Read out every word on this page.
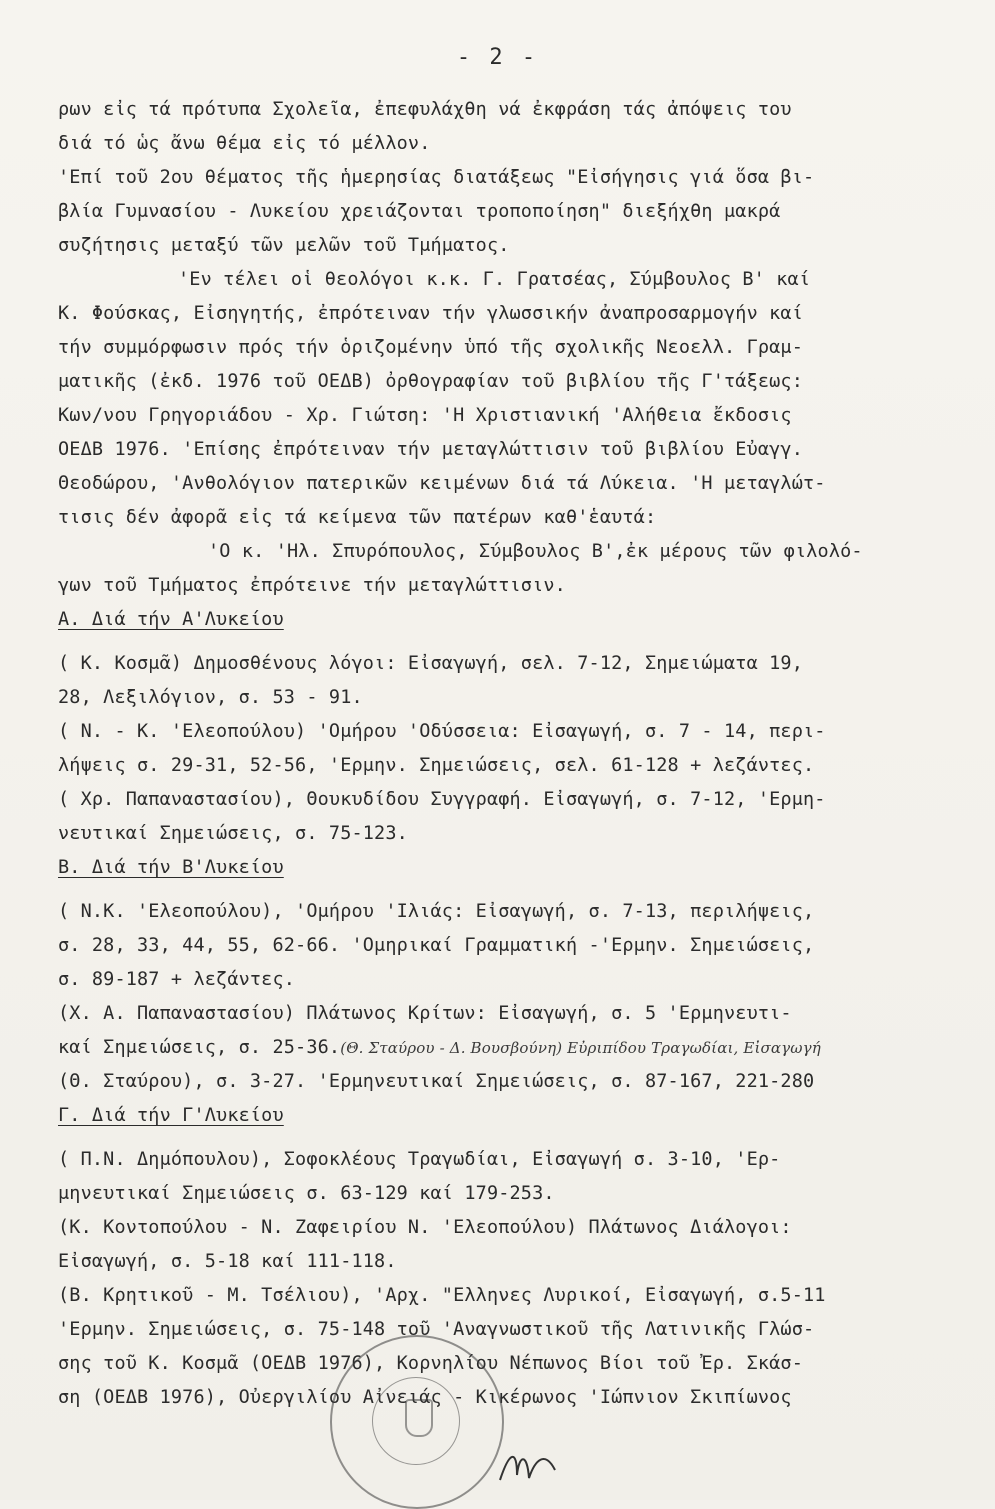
- 2 -
ρων εἰς τά πρότυπα Σχολεῖα, ἐπεφυλάχθη νά ἐκφράση τάς ἀπόψεις του
διά τό ὡς ἄνω θέμα εἰς τό μέλλον.
'Επί τοῦ 2ου θέματος τῆς ἡμερησίας διατάξεως "Εἰσήγησις γιά ὅσα βι-
βλία Γυμνασίου - Λυκείου χρειάζονται τροποποίηση" διεξήχθη μακρά
συζήτησις μεταξύ τῶν μελῶν τοῦ Τμήματος.
'Εν τέλει οἱ θεολόγοι κ.κ. Γ. Γρατσέας, Σύμβουλος Β' καί
Κ. Φούσκας, Εἰσηγητής, ἐπρότειναν τήν γλωσσικήν ἀναπροσαρμογήν καί
τήν συμμόρφωσιν πρός τήν ὁριζομένην ὑπό τῆς σχολικῆς Νεοελλ. Γραμ-
ματικῆς (ἐκδ. 1976 τοῦ ΟΕΔΒ) ὀρθογραφίαν τοῦ βιβλίου τῆς Γ'τάξεως:
Κων/νου Γρηγοριάδου - Χρ. Γιώτση: 'Η Χριστιανική 'Αλήθεια ἔκδοσις
ΟΕΔΒ 1976. 'Επίσης ἐπρότειναν τήν μεταγλώττισιν τοῦ βιβλίου Εὐαγγ.
Θεοδώρου, 'Ανθολόγιον πατερικῶν κειμένων διά τά Λύκεια. 'Η μεταγλώτ-
τισις δέν ἀφορᾶ εἰς τά κείμενα τῶν πατέρων καθ'ἑαυτά:
'Ο κ. 'Ηλ. Σπυρόπουλος, Σύμβουλος Β',ἐκ μέρους τῶν φιλολό-
γων τοῦ Τμήματος ἐπρότεινε τήν μεταγλώττισιν.
Α. Διά τήν Α'Λυκείου
( Κ. Κοσμᾶ) Δημοσθένους λόγοι: Εἰσαγωγή, σελ. 7-12, Σημειώματα 19,
28, Λεξιλόγιον, σ. 53 - 91.
( Ν. - Κ. 'Ελεοπούλου) 'Ομήρου 'Οδύσσεια: Εἰσαγωγή, σ. 7 - 14, περι-
λήψεις σ. 29-31, 52-56, 'Ερμην. Σημειώσεις, σελ. 61-128 + λεζάντες.
( Χρ. Παπαναστασίου), Θουκυδίδου Συγγραφή. Εἰσαγωγή, σ. 7-12, 'Ερμη-
νευτικαί Σημειώσεις, σ. 75-123.
Β. Διά τήν Β'Λυκείου
( Ν.Κ. 'Ελεοπούλου), 'Ομήρου 'Ιλιάς: Εἰσαγωγή, σ. 7-13, περιλήψεις,
σ. 28, 33, 44, 55, 62-66. 'Ομηρικαί Γραμματική -'Ερμην. Σημειώσεις,
σ. 89-187 + λεζάντες.
(Χ. Α. Παπαναστασίου) Πλάτωνος Κρίτων: Εἰσαγωγή, σ. 5 'Ερμηνευτι-
καί Σημειώσεις, σ. 25-36.(Θ. Σταύρου - Δ. Βουσβούνη) Εὐριπίδου Τραγωδίαι, Εἰσαγωγή
(Θ. Σταύρου), σ. 3-27. 'Ερμηνευτικαί Σημειώσεις, σ. 87-167, 221-280
Γ. Διά τήν Γ'Λυκείου
( Π.Ν. Δημόπουλου), Σοφοκλέους Τραγωδίαι, Εἰσαγωγή σ. 3-10, 'Ερ-
μηνευτικαί Σημειώσεις σ. 63-129 καί 179-253.
(Κ. Κοντοπούλου - Ν. Ζαφειρίου Ν. 'Ελεοπούλου) Πλάτωνος Διάλογοι:
Εἰσαγωγή, σ. 5-18 καί 111-118.
(Β. Κρητικοῦ - Μ. Τσέλιου), 'Αρχ. "Ελληνες Λυρικοί, Εἰσαγωγή, σ.5-11
'Ερμην. Σημειώσεις, σ. 75-148 τοῦ 'Αναγνωστικοῦ τῆς Λατινικῆς Γλώσ-
σης τοῦ Κ. Κοσμᾶ (ΟΕΔΒ 1976), Κορνηλίου Νέπωνος Βίοι τοῦ Ἐρ. Σκάσ-
ση (ΟΕΔΒ 1976), Οὐεργιλίου Αἰνειάς - Κικέρωνος 'Ιώπνιον Σκιπίωνος
